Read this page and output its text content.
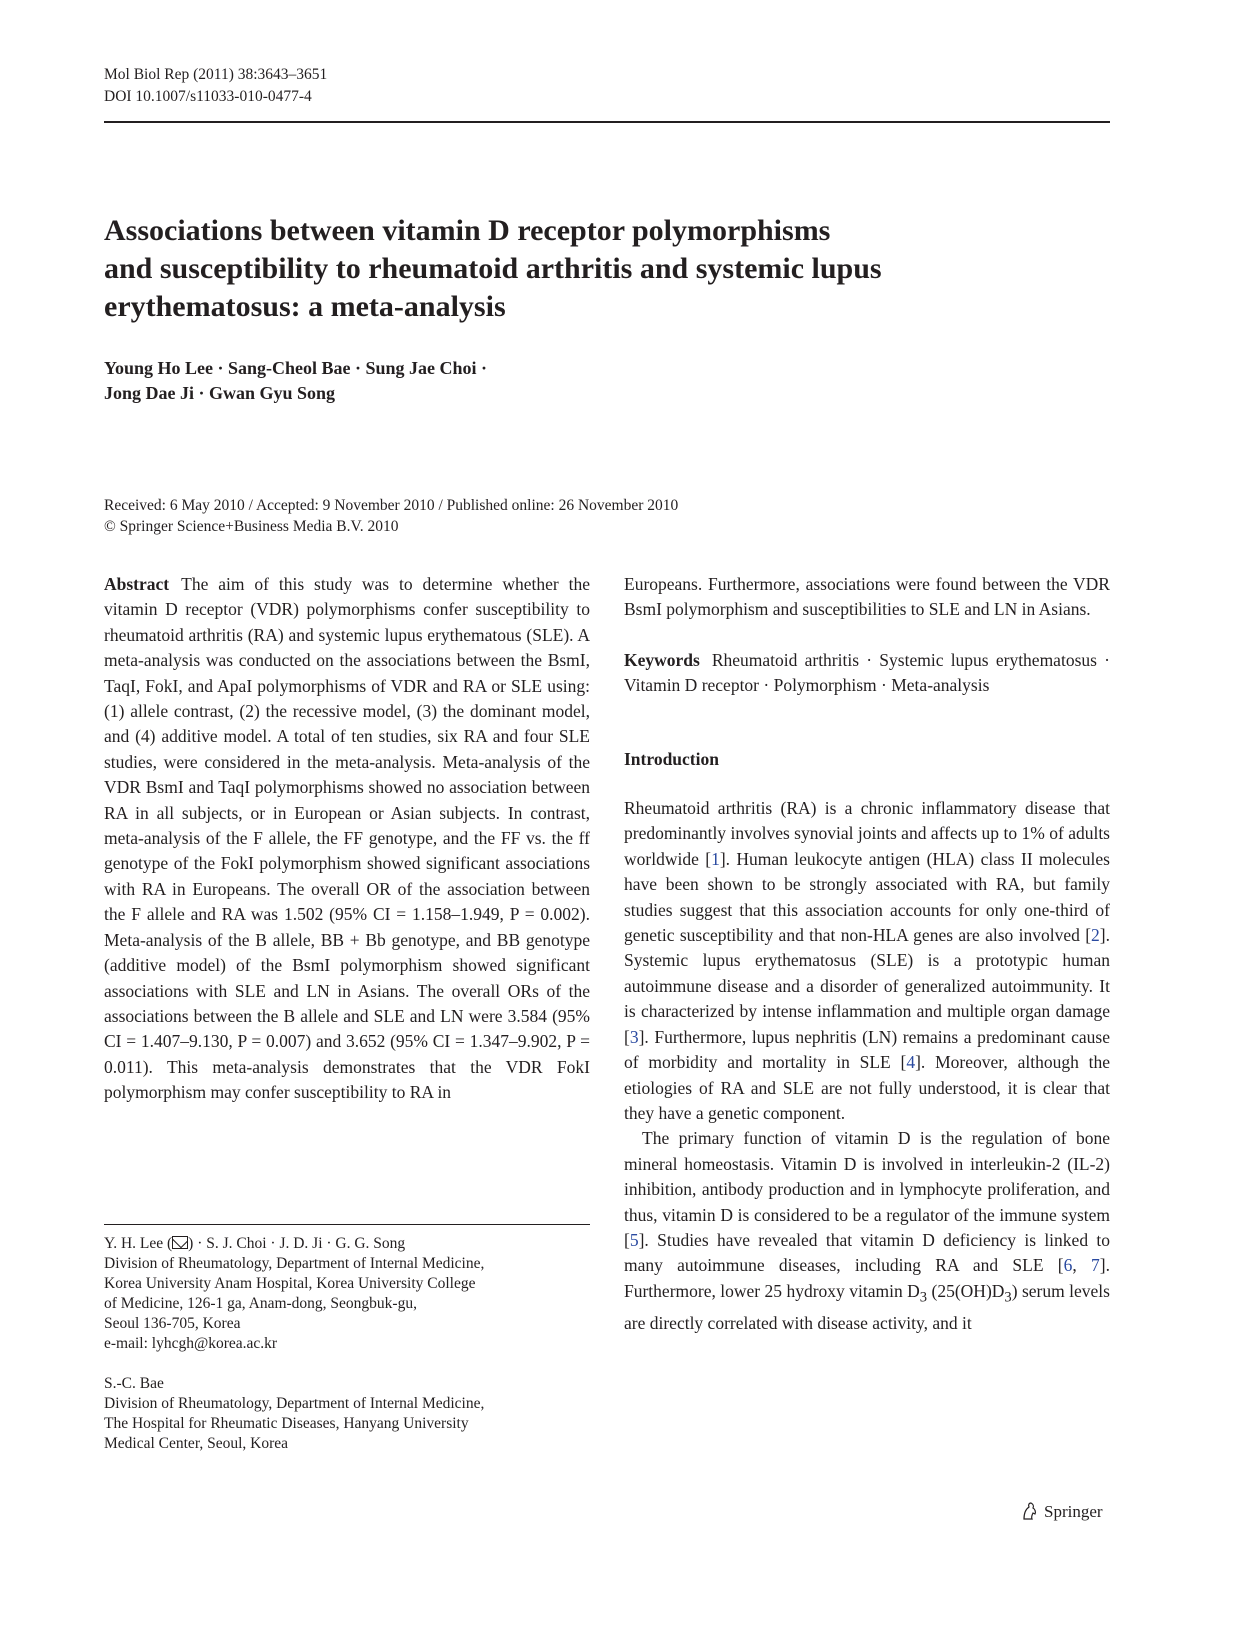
Mol Biol Rep (2011) 38:3643–3651
DOI 10.1007/s11033-010-0477-4
Associations between vitamin D receptor polymorphisms
and susceptibility to rheumatoid arthritis and systemic lupus
erythematosus: a meta-analysis
Young Ho Lee · Sang-Cheol Bae · Sung Jae Choi ·
Jong Dae Ji · Gwan Gyu Song
Received: 6 May 2010 / Accepted: 9 November 2010 / Published online: 26 November 2010
© Springer Science+Business Media B.V. 2010

Abstract The aim of this study was to determine whether the vitamin D receptor (VDR) polymorphisms confer susceptibility to rheumatoid arthritis (RA) and systemic lupus erythematous (SLE). A meta-analysis was conducted on the associations between the BsmI, TaqI, FokI, and ApaI polymorphisms of VDR and RA or SLE using: (1) allele contrast, (2) the recessive model, (3) the dominant model, and (4) additive model. A total of ten studies, six RA and four SLE studies, were considered in the meta-analysis. Meta-analysis of the VDR BsmI and TaqI polymorphisms showed no association between RA in all subjects, or in European or Asian subjects. In contrast, meta-analysis of the F allele, the FF genotype, and the FF vs. the ff genotype of the FokI polymorphism showed significant associations with RA in Europeans. The overall OR of the association between the F allele and RA was 1.502 (95% CI = 1.158–1.949, P = 0.002). Meta-analysis of the B allele, BB + Bb genotype, and BB genotype (additive model) of the BsmI polymorphism showed significant associations with SLE and LN in Asians. The overall ORs of the associations between the B allele and SLE and LN were 3.584 (95% CI = 1.407–9.130, P = 0.007) and 3.652 (95% CI = 1.347–9.902, P = 0.011). This meta-analysis demonstrates that the VDR FokI polymorphism may confer susceptibility to RA in

Y. H. Lee ( ) · S. J. Choi · J. D. Ji · G. G. Song

Division of Rheumatology, Department of Internal Medicine,

Korea University Anam Hospital, Korea University College

of Medicine, 126-1 ga, Anam-dong, Seongbuk-gu,

Seoul 136-705, Korea

e-mail: lyhcgh@korea.ac.kr

S.-C. Bae

Division of Rheumatology, Department of Internal Medicine,

The Hospital for Rheumatic Diseases, Hanyang University

Medical Center, Seoul, Korea

Europeans. Furthermore, associations were found between the VDR BsmI polymorphism and susceptibilities to SLE and LN in Asians.

Keywords Rheumatoid arthritis · Systemic lupus erythematosus · Vitamin D receptor · Polymorphism · Meta-analysis

Introduction

Rheumatoid arthritis (RA) is a chronic inflammatory disease that predominantly involves synovial joints and affects up to 1% of adults worldwide [1]. Human leukocyte antigen (HLA) class II molecules have been shown to be strongly associated with RA, but family studies suggest that this association accounts for only one-third of genetic susceptibility and that non-HLA genes are also involved [2]. Systemic lupus erythematosus (SLE) is a prototypic human autoimmune disease and a disorder of generalized autoimmunity. It is characterized by intense inflammation and multiple organ damage [3]. Furthermore, lupus nephritis (LN) remains a predominant cause of morbidity and mortality in SLE [4]. Moreover, although the etiologies of RA and SLE are not fully understood, it is clear that they have a genetic component.

The primary function of vitamin D is the regulation of bone mineral homeostasis. Vitamin D is involved in interleukin-2 (IL-2) inhibition, antibody production and in lymphocyte proliferation, and thus, vitamin D is considered to be a regulator of the immune system [5]. Studies have revealed that vitamin D deficiency is linked to many autoimmune diseases, including RA and SLE [6, 7]. Furthermore, lower 25 hydroxy vitamin $D_3$ $(25(OH)D_3)$ serum levels are directly correlated with disease activity, and it

Springer
